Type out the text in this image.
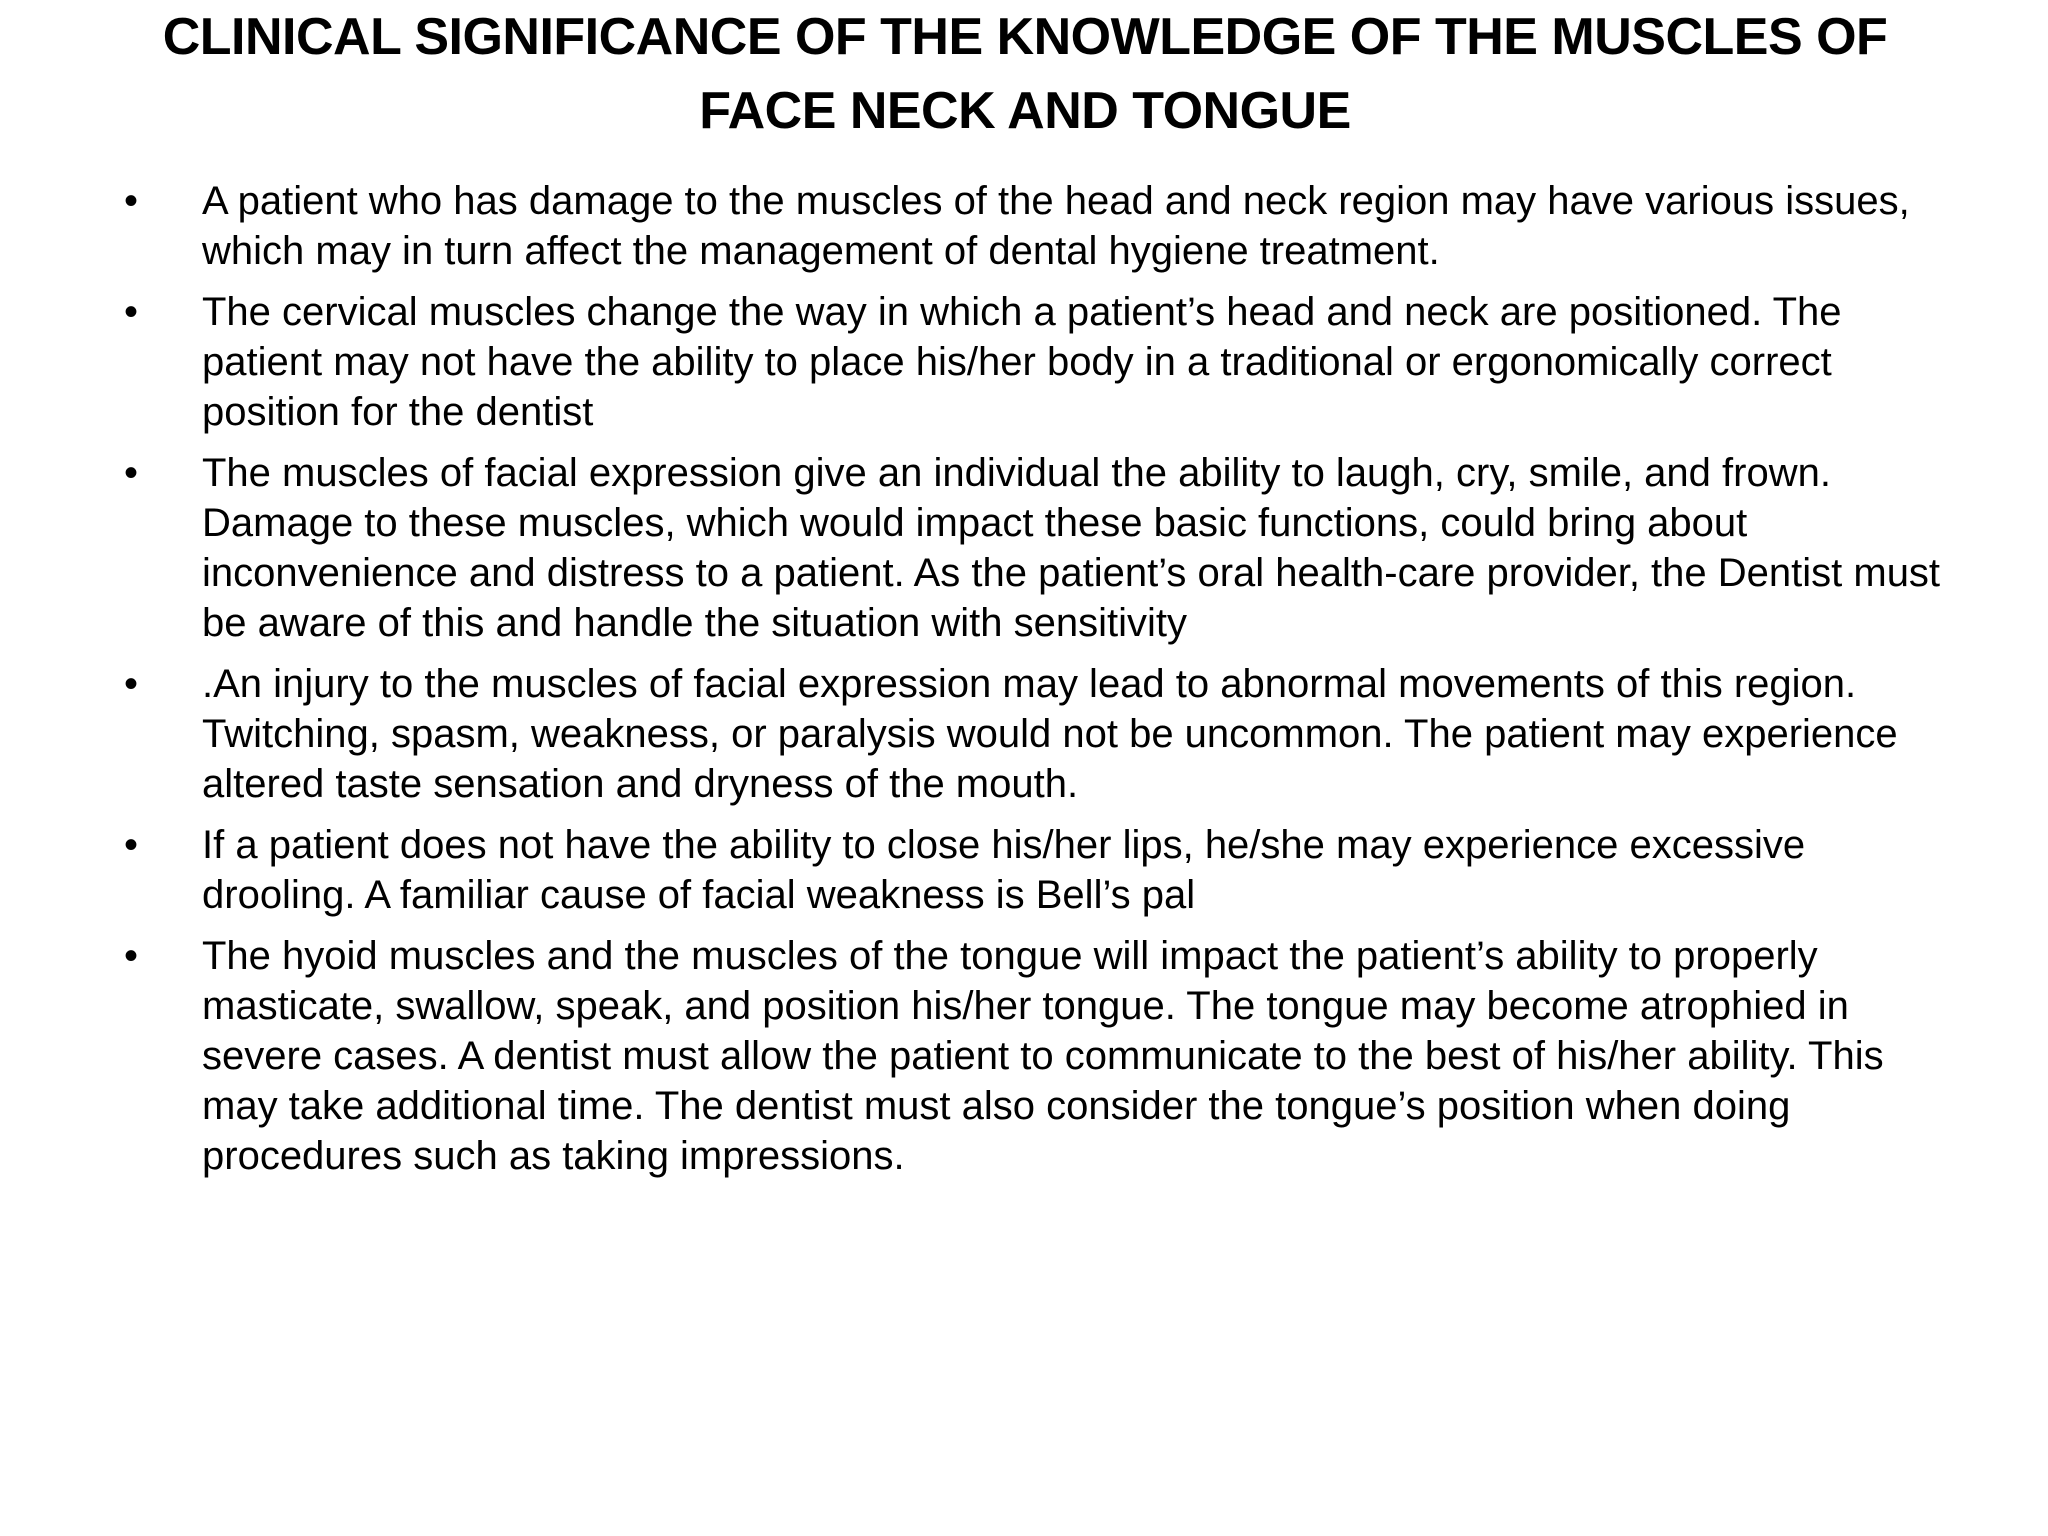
CLINICAL SIGNIFICANCE OF THE KNOWLEDGE OF THE MUSCLES OF FACE NECK AND TONGUE
• A patient who has damage to the muscles of the head and neck region may have various issues, which may in turn affect the management of dental hygiene treatment.
• The cervical muscles change the way in which a patient’s head and neck are positioned. The patient may not have the ability to place his/her body in a traditional or ergonomically correct position for the dentist
• The muscles of facial expression give an individual the ability to laugh, cry, smile, and frown. Damage to these muscles, which would impact these basic functions, could bring about inconvenience and distress to a patient. As the patient’s oral health-care provider, the Dentist must be aware of this and handle the situation with sensitivity
• .An injury to the muscles of facial expression may lead to abnormal movements of this region. Twitching, spasm, weakness, or paralysis would not be uncommon. The patient may experience altered taste sensation and dryness of the mouth.
• If a patient does not have the ability to close his/her lips, he/she may experience excessive drooling. A familiar cause of facial weakness is Bell’s pal
• The hyoid muscles and the muscles of the tongue will impact the patient’s ability to properly masticate, swallow, speak, and position his/her tongue. The tongue may become atrophied in severe cases. A dentist must allow the patient to communicate to the best of his/her ability. This may take additional time. The dentist must also consider the tongue’s position when doing procedures such as taking impressions.
